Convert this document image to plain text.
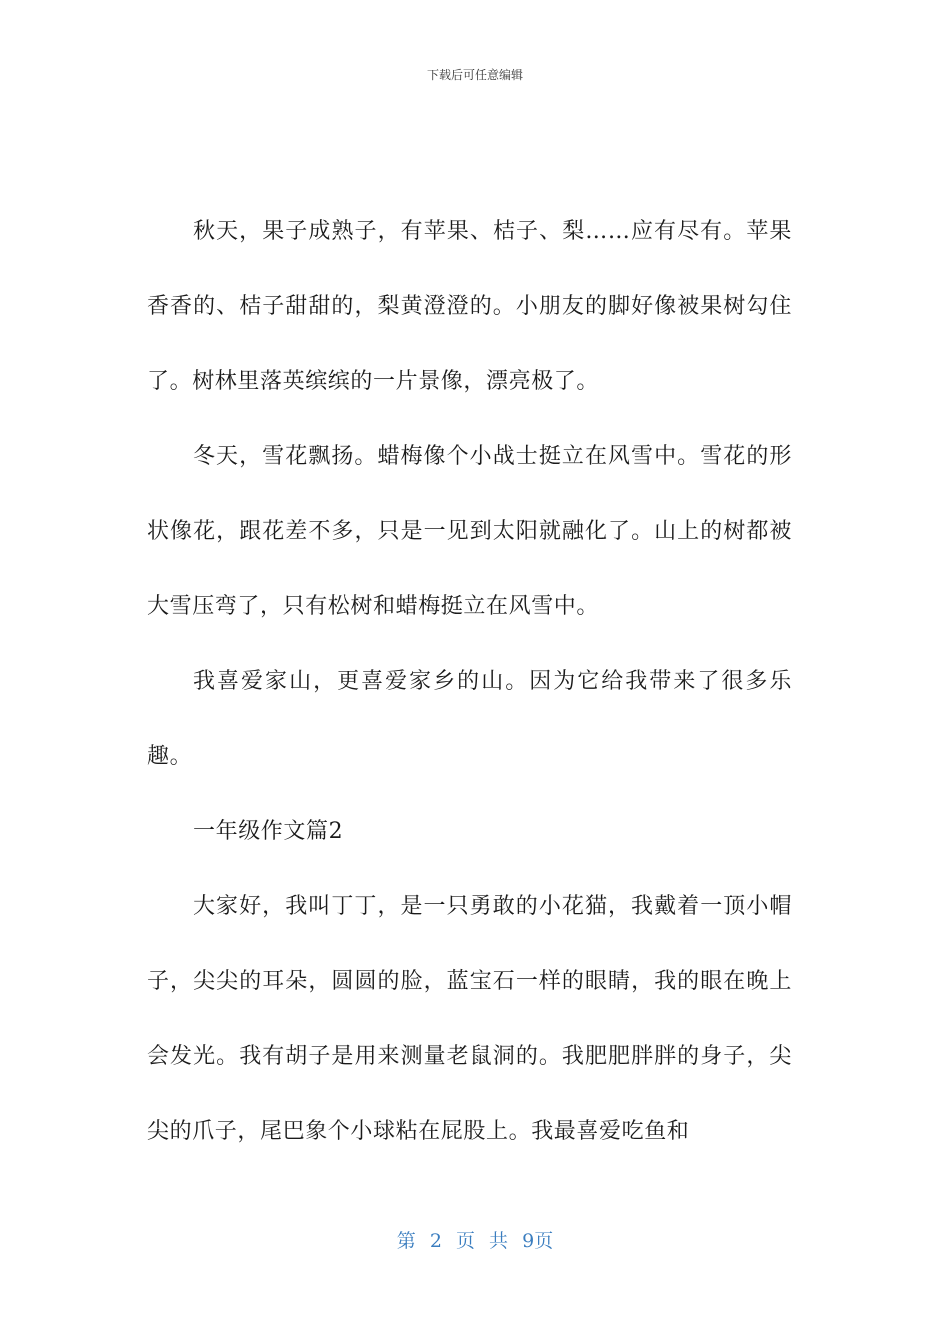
下载后可任意编辑

秋天，果子成熟子，有苹果、桔子、梨……应有尽有。苹果香香的、桔子甜甜的，梨黄澄澄的。小朋友的脚好像被果树勾住了。树林里落英缤缤的一片景像，漂亮极了。

冬天，雪花飘扬。蜡梅像个小战士挺立在风雪中。雪花的形状像花，跟花差不多，只是一见到太阳就融化了。山上的树都被大雪压弯了，只有松树和蜡梅挺立在风雪中。

我喜爱家山，更喜爱家乡的山。因为它给我带来了很多乐趣。

一年级作文篇2

大家好，我叫丁丁，是一只勇敢的小花猫，我戴着一顶小帽子，尖尖的耳朵，圆圆的脸，蓝宝石一样的眼睛，我的眼在晚上会发光。我有胡子是用来测量老鼠洞的。我肥肥胖胖的身子，尖尖的爪子，尾巴象个小球粘在屁股上。我最喜爱吃鱼和

第 2 页 共 9页
